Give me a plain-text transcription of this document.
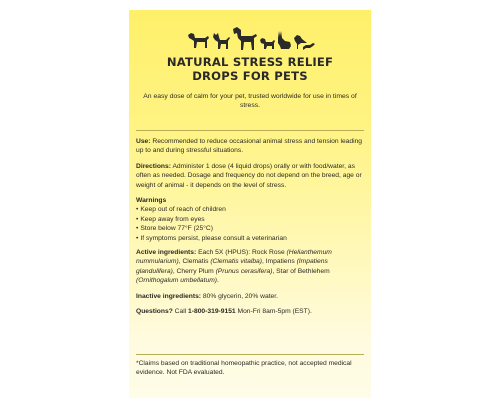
NATURAL STRESS RELIEF
DROPS FOR PETS
An easy dose of calm for your pet, trusted worldwide for use in times of stress.

Use: Recommended to reduce occasional animal stress and tension leading up to and during stressful situations.

Directions: Administer 1 dose (4 liquid drops) orally or with food/water, as often as needed. Dosage and frequency do not depend on the breed, age or weight of animal - it depends on the level of stress.

Warnings
• Keep out of reach of children
• Keep away from eyes
• Store below 77°F (25°C)
• If symptoms persist, please consult a veterinarian

Active ingredients: Each 5X (HPUS): Rock Rose (Helianthemum nummularium), Clematis (Clematis vitalba), Impatiens (Impatiens glandulifera), Cherry Plum (Prunus cerasifera), Star of Bethlehem (Ornithogalum umbellatum).

Inactive ingredients: 80% glycerin, 20% water.

Questions? Call 1-800-319-9151 Mon-Fri 8am-5pm (EST).

*Claims based on traditional homeopathic practice, not accepted medical evidence. Not FDA evaluated.
